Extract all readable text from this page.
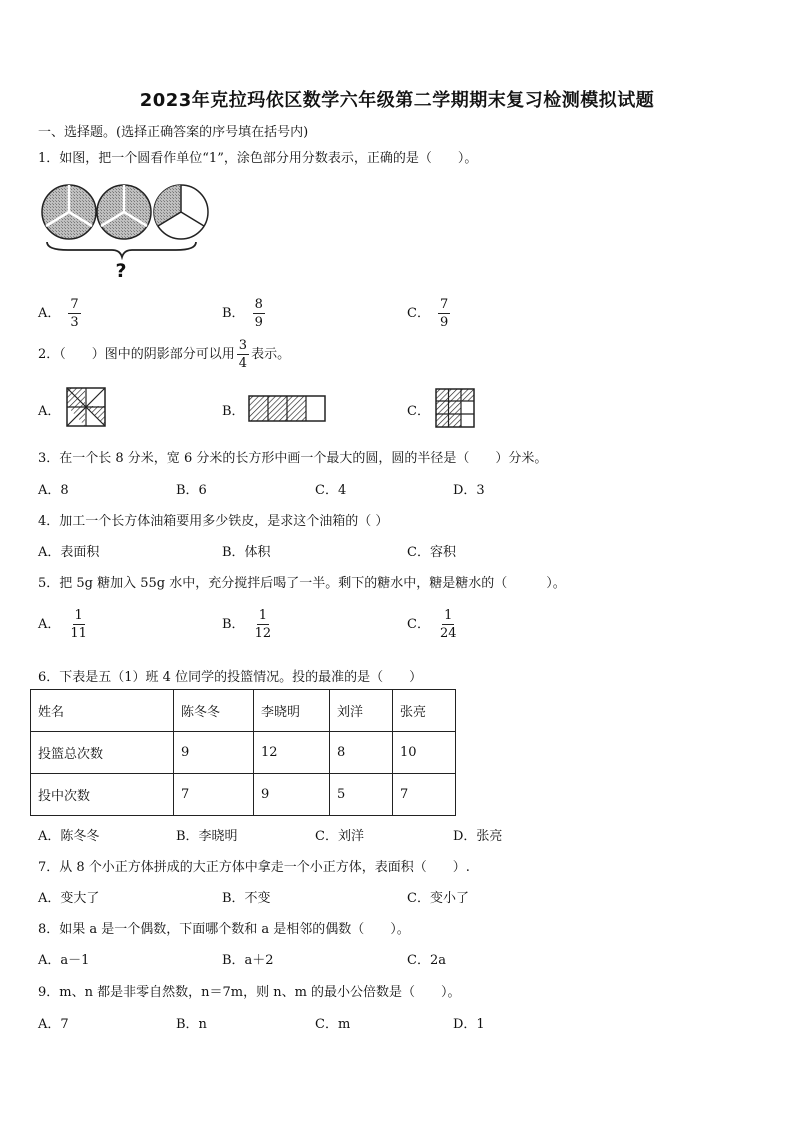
2023年克拉玛依区数学六年级第二学期期末复习检测模拟试题
一、选择题。(选择正确答案的序号填在括号内)
1．如图，把一个圆看作单位“1”，涂色部分用分数表示，正确的是（　　）。
?
A． $\frac{7}{3}$	B． $\frac{8}{9}$	C． $\frac{7}{9}$
2．（　　）图中的阴影部分可以用 $\frac{3}{4}$ 表示。
A．	B．	C．
3．在一个长 8 分米，宽 6 分米的长方形中画一个最大的圆，圆的半径是（　　）分米。
A．8	B．6	C．4	D．3
4．加工一个长方体油箱要用多少铁皮，是求这个油箱的（ ）
A．表面积	B．体积	C．容积
5．把 5g 糖加入 55g 水中，充分搅拌后喝了一半。剩下的糖水中，糖是糖水的（　　　）。
A． $\frac{1}{11}$	B． $\frac{1}{12}$	C． $\frac{1}{24}$
6．下表是五（1）班 4 位同学的投篮情况。投的最准的是（　　）
姓名	陈冬冬	李晓明	刘洋	张亮
投篮总次数	9	12	8	10
投中次数	7	9	5	7
A．陈冬冬	B．李晓明	C．刘洋	D．张亮
7．从 8 个小正方体拼成的大正方体中拿走一个小正方体，表面积（　　）.
A．变大了	B．不变	C．变小了
8．如果 a 是一个偶数，下面哪个数和 a 是相邻的偶数（　　）。
A．a－1	B．a＋2	C．2a
9．m、n 都是非零自然数，n＝7m，则 n、m 的最小公倍数是（　　）。
A．7	B．n	C．m	D．1
